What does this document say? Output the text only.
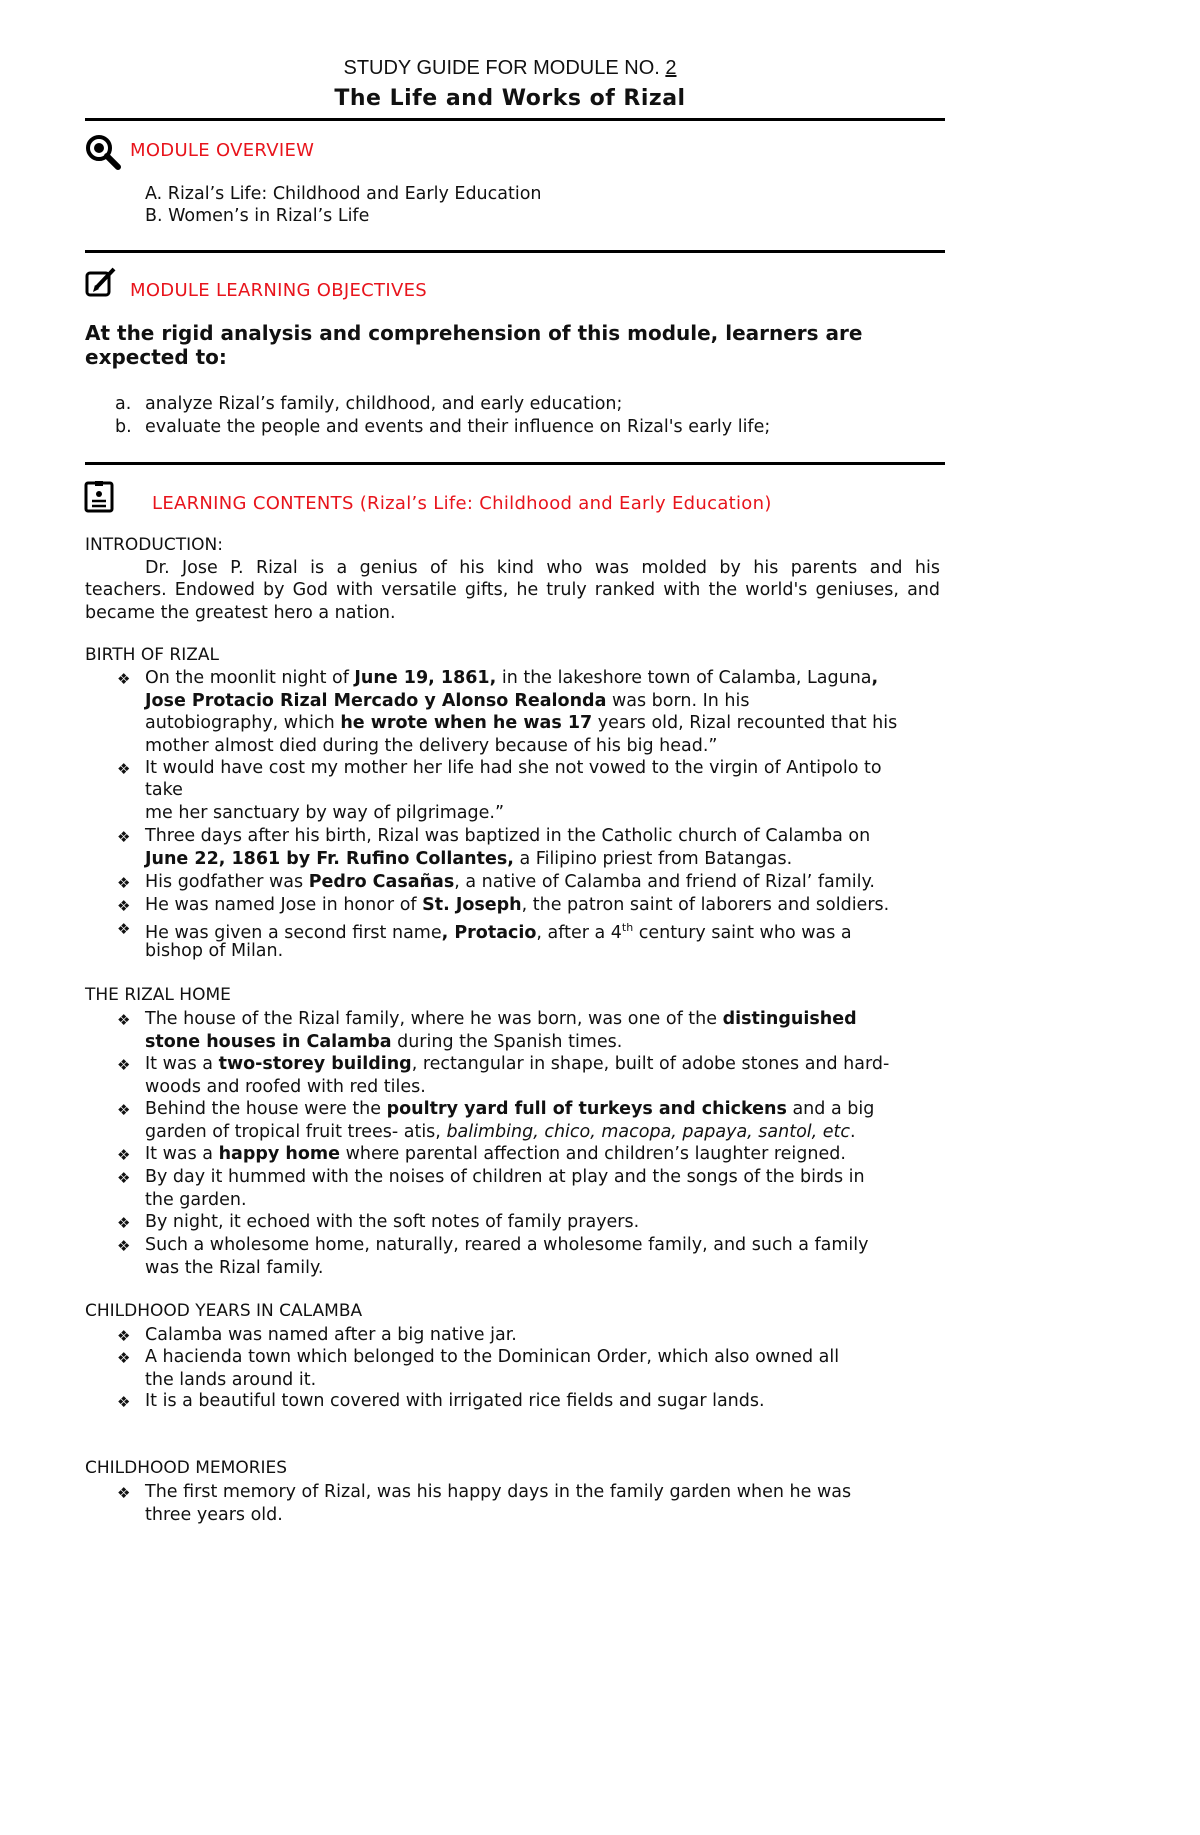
STUDY GUIDE FOR MODULE NO. 2
The Life and Works of Rizal
MODULE OVERVIEW
A. Rizal’s Life: Childhood and Early Education
B. Women’s in Rizal’s Life
MODULE LEARNING OBJECTIVES
At the rigid analysis and comprehension of this module, learners are
expected to:
a. analyze Rizal’s family, childhood, and early education;
b. evaluate the people and events and their influence on Rizal's early life;
LEARNING CONTENTS (Rizal’s Life: Childhood and Early Education)
INTRODUCTION:
Dr. Jose P. Rizal is a genius of his kind who was molded by his parents and his
teachers. Endowed by God with versatile gifts, he truly ranked with the world's geniuses, and
became the greatest hero a nation.
BIRTH OF RIZAL
❖ On the moonlit night of June 19, 1861, in the lakeshore town of Calamba, Laguna,
Jose Protacio Rizal Mercado y Alonso Realonda was born. In his
autobiography, which he wrote when he was 17 years old, Rizal recounted that his
mother almost died during the delivery because of his big head.”
❖ It would have cost my mother her life had she not vowed to the virgin of Antipolo to
take
me her sanctuary by way of pilgrimage.”
❖ Three days after his birth, Rizal was baptized in the Catholic church of Calamba on
June 22, 1861 by Fr. Rufino Collantes, a Filipino priest from Batangas.
❖ His godfather was Pedro Casañas, a native of Calamba and friend of Rizal’ family.
❖ He was named Jose in honor of St. Joseph, the patron saint of laborers and soldiers.
❖ He was given a second first name, Protacio, after a 4th century saint who was a
bishop of Milan.
THE RIZAL HOME
❖ The house of the Rizal family, where he was born, was one of the distinguished
stone houses in Calamba during the Spanish times.
❖ It was a two-storey building, rectangular in shape, built of adobe stones and hard-
woods and roofed with red tiles.
❖ Behind the house were the poultry yard full of turkeys and chickens and a big
garden of tropical fruit trees- atis, balimbing, chico, macopa, papaya, santol, etc.
❖ It was a happy home where parental affection and children’s laughter reigned.
❖ By day it hummed with the noises of children at play and the songs of the birds in
the garden.
❖ By night, it echoed with the soft notes of family prayers.
❖ Such a wholesome home, naturally, reared a wholesome family, and such a family
was the Rizal family.
CHILDHOOD YEARS IN CALAMBA
❖ Calamba was named after a big native jar.
❖ A hacienda town which belonged to the Dominican Order, which also owned all
the lands around it.
❖ It is a beautiful town covered with irrigated rice fields and sugar lands.
CHILDHOOD MEMORIES
❖ The first memory of Rizal, was his happy days in the family garden when he was
three years old.
